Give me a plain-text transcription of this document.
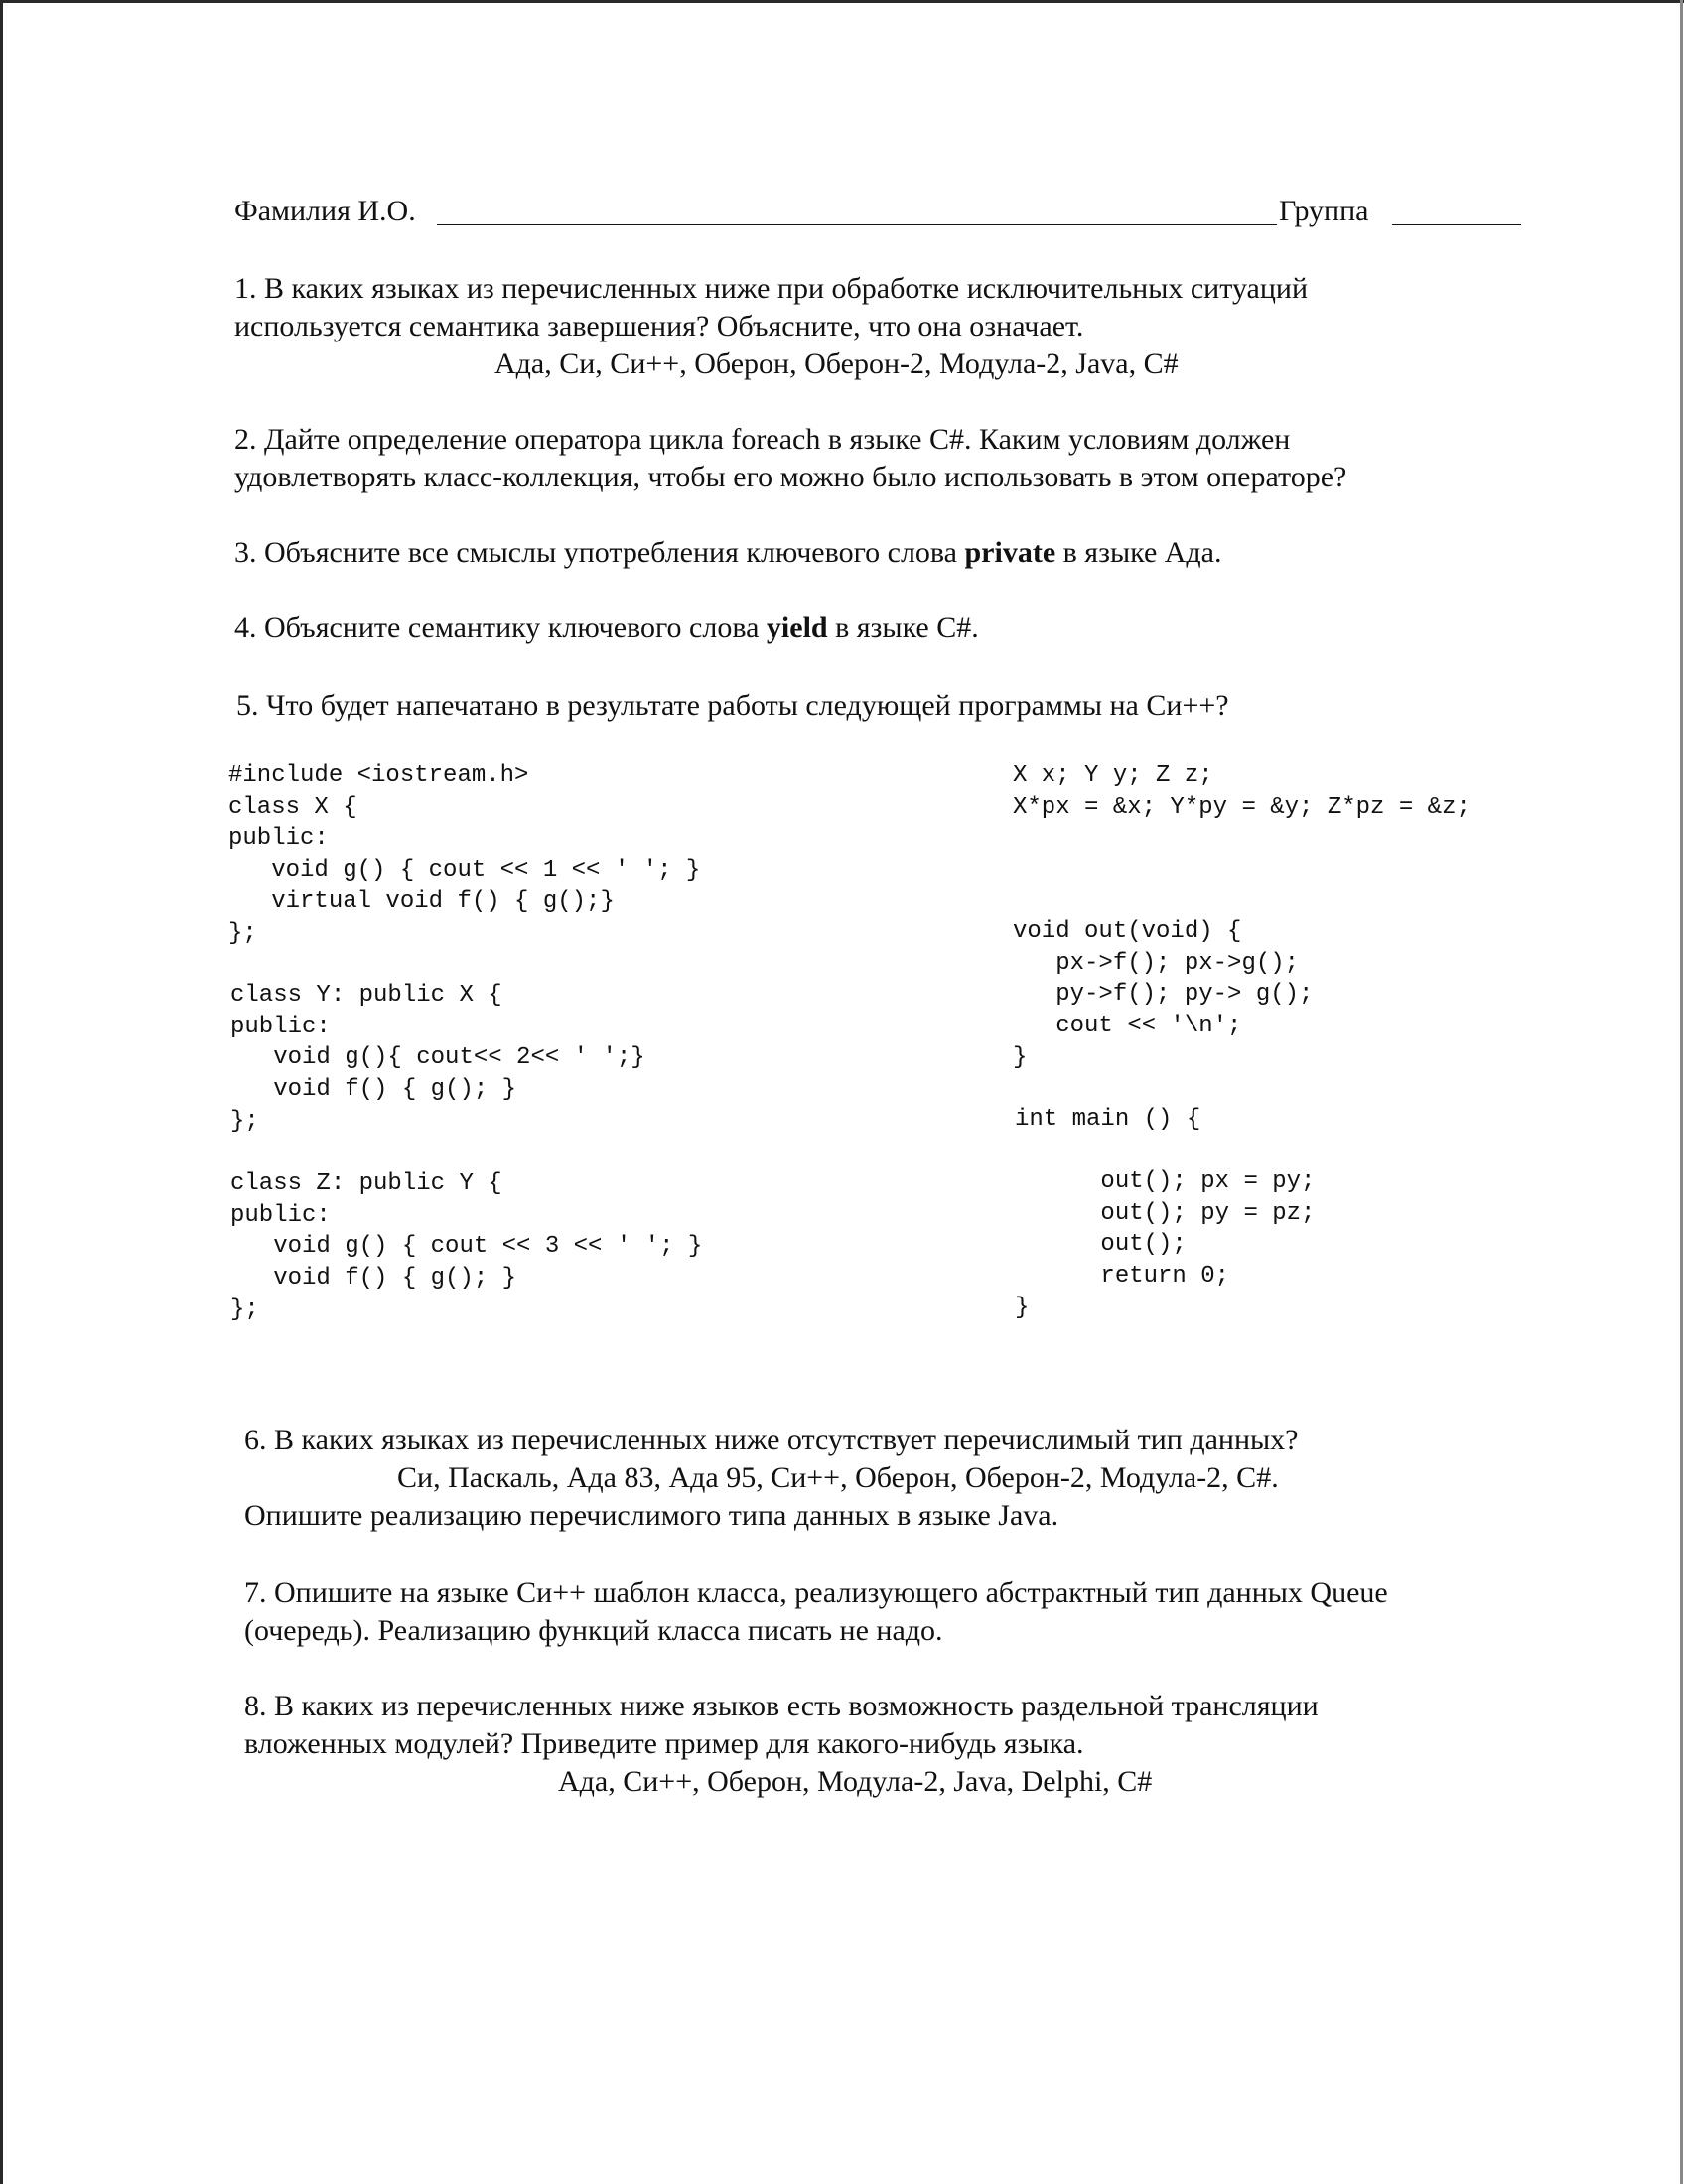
Фамилия И.О.	Группа
1. В каких языках из перечисленных ниже при обработке исключительных ситуаций
используется семантика завершения? Объясните, что она означает.
Ада, Си, Си++, Оберон, Оберон-2, Модула-2, Java, C#
2. Дайте определение оператора цикла foreach в языке C#. Каким условиям должен
удовлетворять класс-коллекция, чтобы его можно было использовать в этом операторе?
3. Объясните все смыслы употребления ключевого слова private в языке Ада.
4. Объясните семантику ключевого слова yield в языке C#.
5. Что будет напечатано в результате работы следующей программы на Си++?
#include <iostream.h>
class X {
public:
void g() { cout << 1 << ' '; }
virtual void f() { g();}
};
class Y: public X {
public:
void g(){ cout<< 2<< ' ';}
void f() { g(); }
};
class Z: public Y {
public:
void g() { cout << 3 << ' '; }
void f() { g(); }
};
X x; Y y; Z z;
X*px = &x; Y*py = &y; Z*pz = &z;
void out(void) {
px->f(); px->g();
py->f(); py-> g();
cout << '\n';
}
int main () {
out(); px = py;
out(); py = pz;
out();
return 0;
}
6. В каких языках из перечисленных ниже отсутствует перечислимый тип данных?
Си, Паскаль, Ада 83, Ада 95, Си++, Оберон, Оберон-2, Модула-2, C#.
Опишите реализацию перечислимого типа данных в языке Java.
7. Опишите на языке Си++ шаблон класса, реализующего абстрактный тип данных Queue
(очередь). Реализацию функций класса писать не надо.
8. В каких из перечисленных ниже языков есть возможность раздельной трансляции
вложенных модулей? Приведите пример для какого-нибудь языка.
Ада, Си++, Оберон, Модула-2, Java, Delphi, C#
